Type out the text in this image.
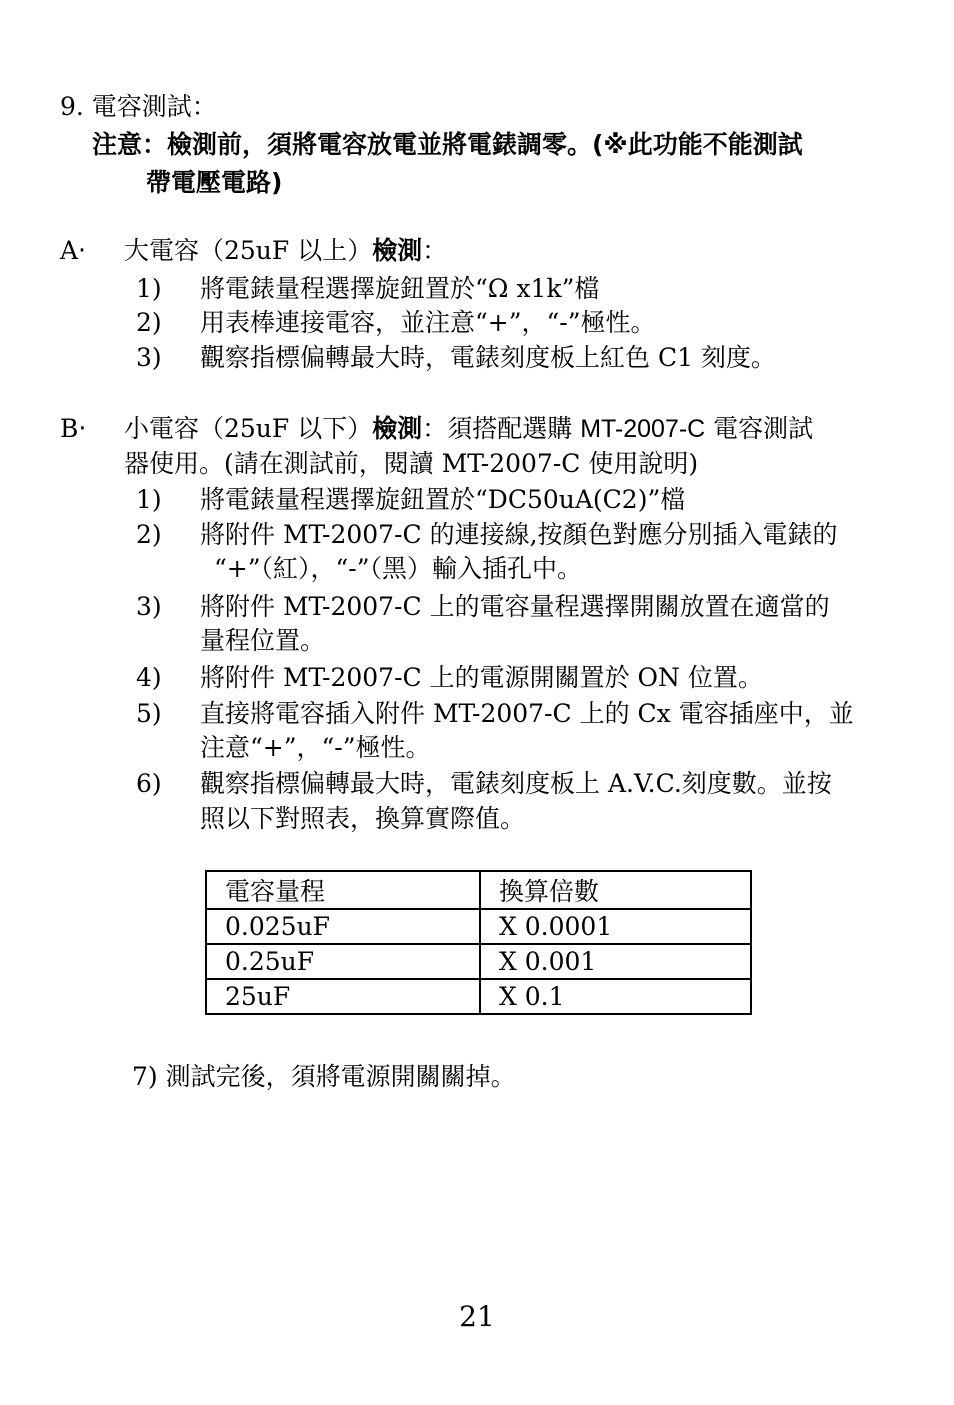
9. 電容測試：
注意：檢測前，須將電容放電並將電錶調零。(※此功能不能測試
帶電壓電路)
A‧ 大電容（25uF 以上）檢測：
1) 將電錶量程選擇旋鈕置於“Ω x1k”檔
2) 用表棒連接電容，並注意“+”，“-”極性。
3) 觀察指標偏轉最大時，電錶刻度板上紅色 C1 刻度。
B‧ 小電容（25uF 以下）檢測：須搭配選購 MT-2007-C 電容測試
器使用。(請在測試前，閱讀 MT-2007-C 使用說明)
1) 將電錶量程選擇旋鈕置於“DC50uA(C2)”檔
2) 將附件 MT-2007-C 的連接線,按顏色對應分別插入電錶的
“+”（紅），“-”（黑）輸入插孔中。
3) 將附件 MT-2007-C 上的電容量程選擇開關放置在適當的
量程位置。
4) 將附件 MT-2007-C 上的電源開關置於 ON 位置。
5) 直接將電容插入附件 MT-2007-C 上的 Cx 電容插座中，並
注意“+”，“-”極性。
6) 觀察指標偏轉最大時，電錶刻度板上 A.V.C.刻度數。並按
照以下對照表，換算實際值。
電容量程	換算倍數
0.025uF	X 0.0001
0.25uF	X 0.001
25uF	X 0.1
7) 測試完後，須將電源開關關掉。
21
